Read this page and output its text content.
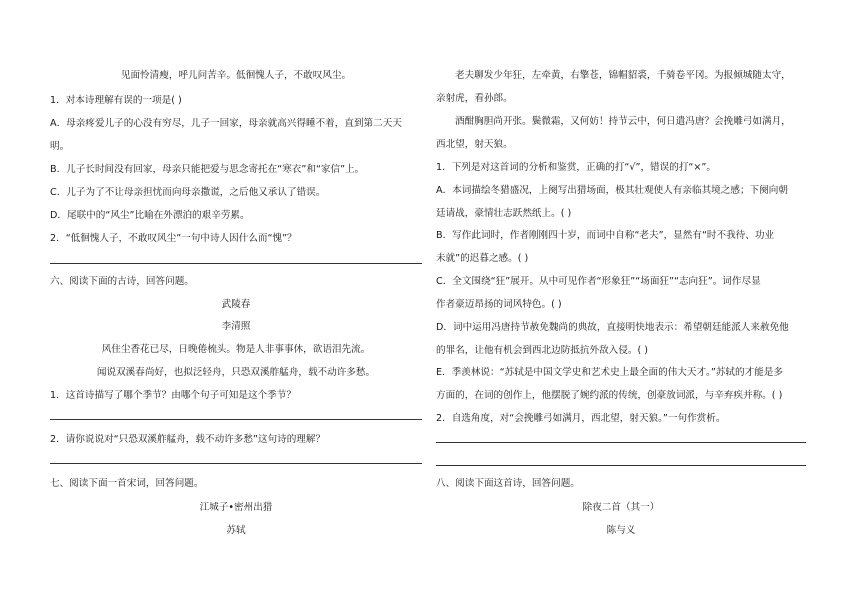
见面怜清瘦，呼儿问苦辛。低徊愧人子，不敢叹风尘。
1．对本诗理解有误的一项是( )
A．母亲疼爱儿子的心没有穷尽，儿子一回家，母亲就高兴得睡不着，直到第二天天
明。
B．儿子长时间没有回家，母亲只能把爱与思念寄托在“寒衣”和“家信”上。
C．儿子为了不让母亲担忧而向母亲撒谎，之后他又承认了错误。
D．尾联中的“风尘”比喻在外漂泊的艰辛劳累。
2．“低徊愧人子，不敢叹风尘”一句中诗人因什么而“愧”？
六、阅读下面的古诗，回答问题。
武陵春
李清照
风住尘香花已尽，日晚倦梳头。物是人非事事休，欲语泪先流。
闻说双溪春尚好，也拟泛轻舟，只恐双溪舴艋舟，载不动许多愁。
1．这首诗描写了哪个季节？由哪个句子可知是这个季节？
2．请你说说对“只恐双溪舴艋舟，载不动许多愁”这句诗的理解？
七、阅读下面一首宋词，回答问题。
江城子•密州出猎
苏轼
老夫聊发少年狂，左牵黄，右擎苍，锦帽貂裘，千骑卷平冈。为报倾城随太守，
亲射虎，看孙郎。
酒酣胸胆尚开张。鬓微霜，又何妨！持节云中，何日遣冯唐？会挽雕弓如满月，
西北望，射天狼。
1．下列是对这首词的分析和鉴赏，正确的打“√”，错误的打“×”。
A．本词描绘冬猎盛况，上阕写出猎场面，极其壮观使人有亲临其境之感；下阕向朝
廷请战，豪情壮志跃然纸上。( )
B．写作此词时，作者刚刚四十岁，而词中自称“老夫”，显然有“时不我待、功业
未就”的迟暮之感。( )
C．全文围绕“狂”展开。从中可见作者“形象狂”“场面狂”“志向狂”。词作尽显
作者豪迈昂扬的词风特色。( )
D．词中运用冯唐持节赦免魏尚的典故，直接明快地表示：希望朝廷能派人来赦免他
的罪名，让他有机会到西北边防抵抗外敌入侵。( )
E．季羡林说：“苏轼是中国文学史和艺术史上最全面的伟大天才。”苏轼的才能是多
方面的，在词的创作上，他摆脱了婉约派的传统，创豪放词派，与辛弃疾并称。( )
2．自选角度，对“会挽雕弓如满月，西北望，射天狼。”一句作赏析。
八、阅读下面这首诗，回答问题。
除夜二首（其一）
陈与义
